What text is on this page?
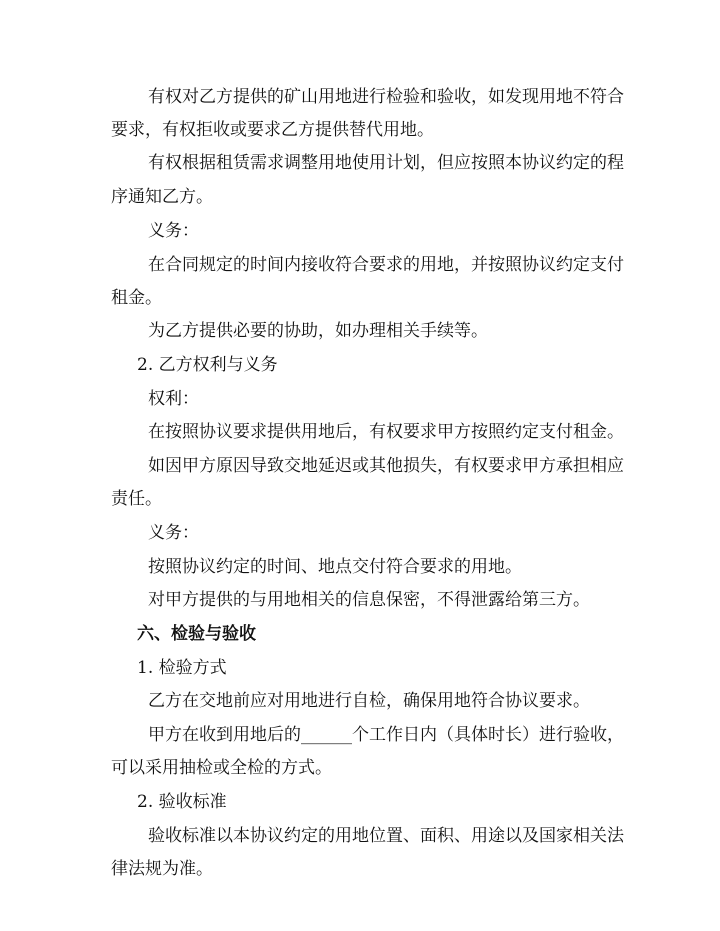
有权对乙方提供的矿山用地进行检验和验收，如发现用地不符合
要求，有权拒收或要求乙方提供替代用地。
有权根据租赁需求调整用地使用计划，但应按照本协议约定的程
序通知乙方。
义务：
在合同规定的时间内接收符合要求的用地，并按照协议约定支付
租金。
为乙方提供必要的协助，如办理相关手续等。
2. 乙方权利与义务
权利：
在按照协议要求提供用地后，有权要求甲方按照约定支付租金。
如因甲方原因导致交地延迟或其他损失，有权要求甲方承担相应
责任。
义务：
按照协议约定的时间、地点交付符合要求的用地。
对甲方提供的与用地相关的信息保密，不得泄露给第三方。
六、检验与验收
1. 检验方式
乙方在交地前应对用地进行自检，确保用地符合协议要求。
甲方在收到用地后的______个工作日内（具体时长）进行验收，
可以采用抽检或全检的方式。
2. 验收标准
验收标准以本协议约定的用地位置、面积、用途以及国家相关法
律法规为准。
